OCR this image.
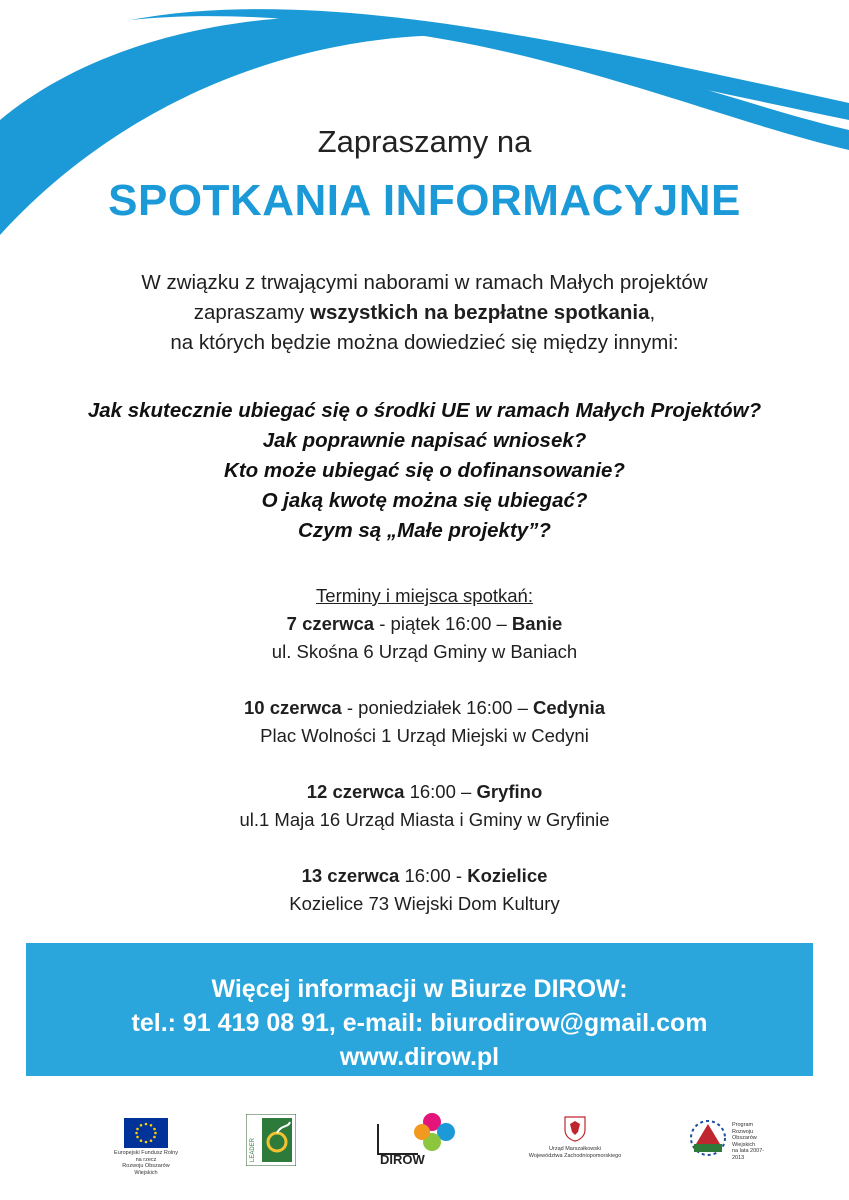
Zapraszamy na
SPOTKANIA INFORMACYJNE
W związku z trwającymi naborami w ramach Małych projektów
zapraszamy wszystkich na bezpłatne spotkania,
na których będzie można dowiedzieć się między innymi:
Jak skutecznie ubiegać się o środki UE w ramach Małych Projektów?
Jak poprawnie napisać wniosek?
Kto może ubiegać się o dofinansowanie?
O jaką kwotę można się ubiegać?
Czym są „Małe projekty”?
Terminy i miejsca spotkań:
7 czerwca - piątek 16:00 – Banie
ul. Skośna 6 Urząd Gminy w Baniach
10 czerwca - poniedziałek 16:00 – Cedynia
Plac Wolności 1 Urząd Miejski w Cedyni
12 czerwca 16:00 – Gryfino
ul.1 Maja 16 Urząd Miasta i Gminy w Gryfinie
13 czerwca 16:00 - Kozielice
Kozielice 73 Wiejski Dom Kultury
Więcej informacji w Biurze DIROW:
tel.: 91 419 08 91, e-mail: biurodirow@gmail.com
www.dirow.pl
Europejski Fundusz Rolny
na rzecz
Rozwoju Obszarów Wiejskich
LEADER	DIROW
Urząd Marszałkowski
Województwa Zachodniopomorskiego
Program
Rozwoju
Obszarów
Wiejskich
na lata 2007-2013
